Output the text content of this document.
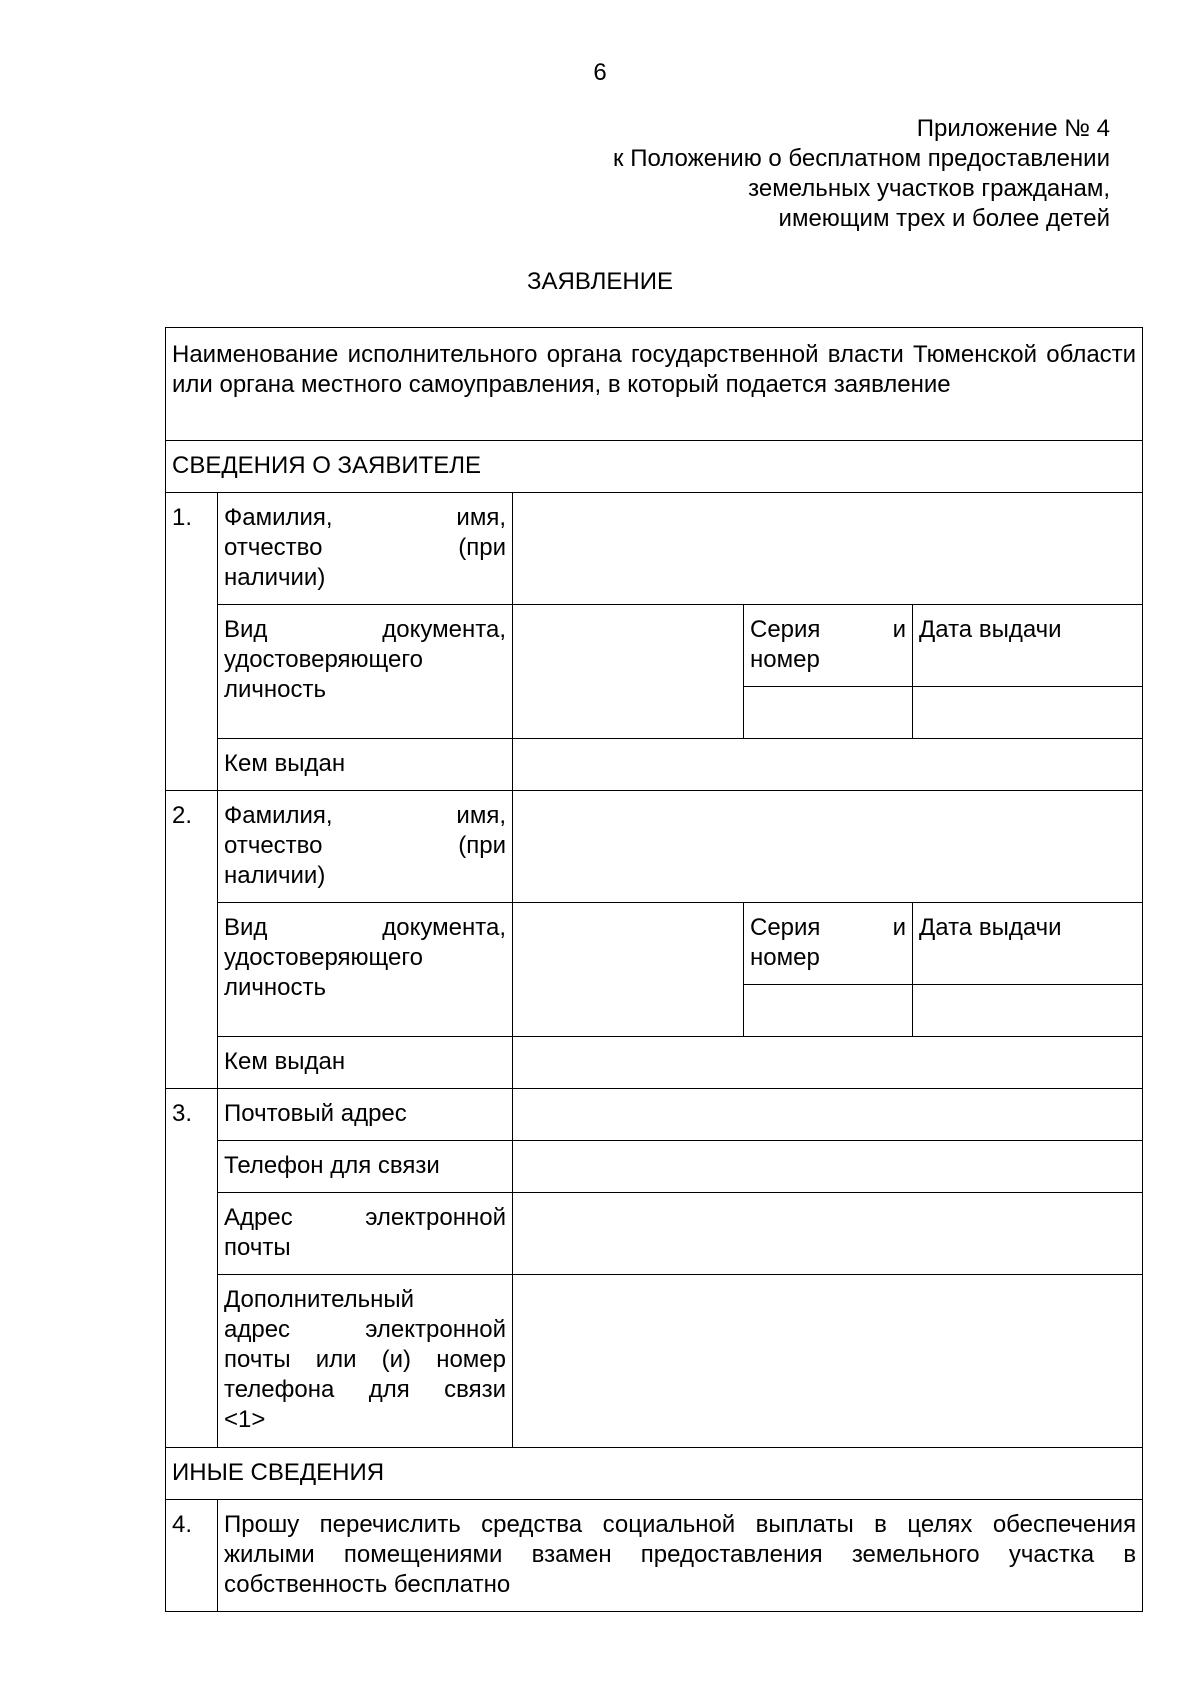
6
Приложение № 4
к Положению о бесплатном предоставлении
земельных участков гражданам,
имеющим трех и более детей
ЗАЯВЛЕНИЕ
Наименование исполнительного органа государственной власти Тюменской области или органа местного самоуправления, в который подается заявление				
СВЕДЕНИЯ О ЗАЯВИТЕЛЕ				
1.	Фамилия, имя,
отчество (при
наличии)			

	Вид документа,
удостоверяющего
личность		Серия и
номер	Дата выдачи

	Кем выдан			
2.	Фамилия, имя,
отчество (при
наличии)			

	Вид документа,
удостоверяющего
личность		Серия и
номер	Дата выдачи

	Кем выдан			
3.	Почтовый адрес			
	Телефон для связи			

	Адрес электронной
почты			

	Дополнительный
адрес электронной
почты или (и) номер
телефона для связи
<1>			

ИНЫЕ СВЕДЕНИЯ				
4.	Прошу перечислить средства социальной выплаты в целях обеспечения жилыми помещениями взамен предоставления земельного участка в собственность бесплатно			
